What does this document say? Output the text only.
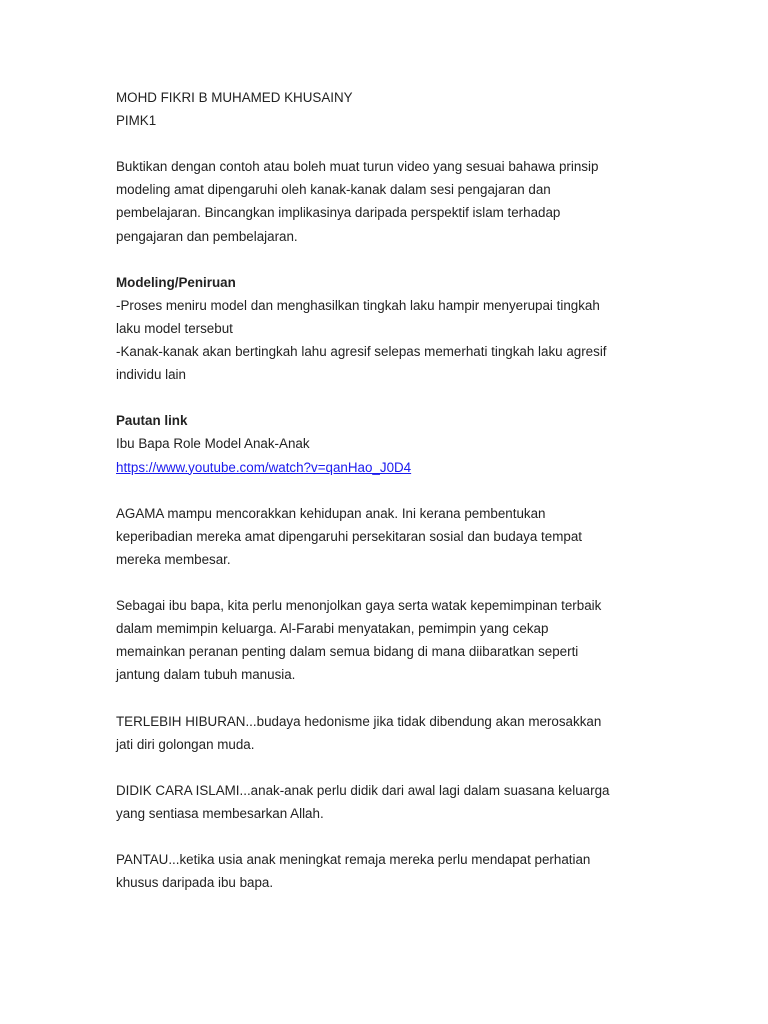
MOHD FIKRI B MUHAMED KHUSAINY
PIMK1
Buktikan dengan contoh atau boleh muat turun video yang sesuai bahawa prinsip
modeling amat dipengaruhi oleh kanak-kanak dalam sesi pengajaran dan
pembelajaran. Bincangkan implikasinya daripada perspektif islam terhadap
pengajaran dan pembelajaran.
Modeling/Peniruan
-Proses meniru model dan menghasilkan tingkah laku hampir menyerupai tingkah
laku model tersebut
-Kanak-kanak akan bertingkah lahu agresif selepas memerhati tingkah laku agresif
individu lain
Pautan link
Ibu Bapa Role Model Anak-Anak
https://www.youtube.com/watch?v=qanHao_J0D4
AGAMA mampu mencorakkan kehidupan anak. Ini kerana pembentukan
keperibadian mereka amat dipengaruhi persekitaran sosial dan budaya tempat
mereka membesar.
Sebagai ibu bapa, kita perlu menonjolkan gaya serta watak kepemimpinan terbaik
dalam memimpin keluarga. Al-Farabi menyatakan, pemimpin yang cekap
memainkan peranan penting dalam semua bidang di mana diibaratkan seperti
jantung dalam tubuh manusia.
TERLEBIH HIBURAN...budaya hedonisme jika tidak dibendung akan merosakkan
jati diri golongan muda.
DIDIK CARA ISLAMI...anak-anak perlu didik dari awal lagi dalam suasana keluarga
yang sentiasa membesarkan Allah.
PANTAU...ketika usia anak meningkat remaja mereka perlu mendapat perhatian
khusus daripada ibu bapa.
